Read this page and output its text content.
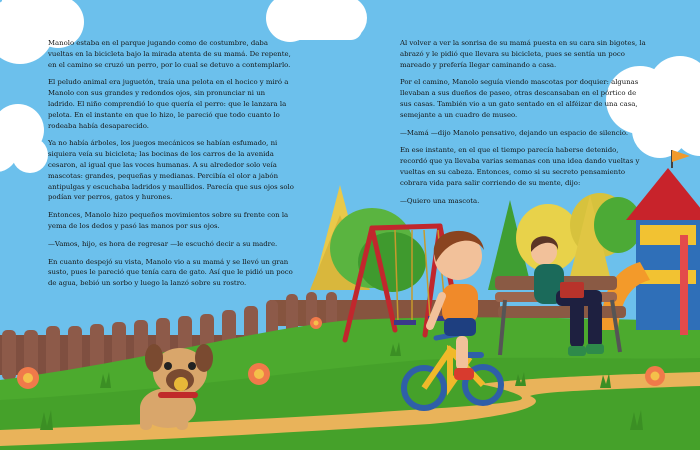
Manolo estaba en el parque jugando como de costumbre, daba vueltas en la bicicleta bajo la mirada atenta de su mamá. De repente, en el camino se cruzó un perro, por lo cual se detuvo a contemplarlo.

El peludo animal era juguetón, traía una pelota en el hocico y miró a Manolo con sus grandes y redondos ojos, sin pronunciar ni un ladrido. El niño comprendió lo que quería el perro: que le lanzara la pelota. En el instante en que lo hizo, le pareció que todo cuanto lo rodeaba había desaparecido.

Ya no había árboles, los juegos mecánicos se habían esfumado, ni siquiera veía su bicicleta; las bocinas de los carros de la avenida cesaron, al igual que las voces humanas. A su alrededor solo veía mascotas: grandes, pequeñas y medianas. Percibía el olor a jabón antipulgas y escuchaba ladridos y maullidos. Parecía que sus ojos solo podían ver perros, gatos y hurones.

Entonces, Manolo hizo pequeños movimientos sobre su frente con la yema de los dedos y pasó las manos por sus ojos.

—Vamos, hijo, es hora de regresar —le escuchó decir a su madre.

En cuanto despejó su vista, Manolo vio a su mamá y se llevó un gran susto, pues le pareció que tenía cara de gato. Así que le pidió un poco de agua, bebió un sorbo y luego la lanzó sobre su rostro.

Al volver a ver la sonrisa de su mamá puesta en su cara sin bigotes, la abrazó y le pidió que llevara su bicicleta, pues se sentía un poco mareado y prefería llegar caminando a casa.

Por el camino, Manolo seguía viendo mascotas por doquier: algunas llevaban a sus dueños de paseo, otras descansaban en el pórtico de sus casas. También vio a un gato sentado en el alféizar de una casa, semejante a un cuadro de museo.

—Mamá —dijo Manolo pensativo, dejando un espacio de silencio.

En ese instante, en el que el tiempo parecía haberse detenido, recordó que ya llevaba varias semanas con una idea dando vueltas y vueltas en su cabeza. Entonces, como si su secreto pensamiento cobrara vida para salir corriendo de su mente, dijo:

—Quiero una mascota.
